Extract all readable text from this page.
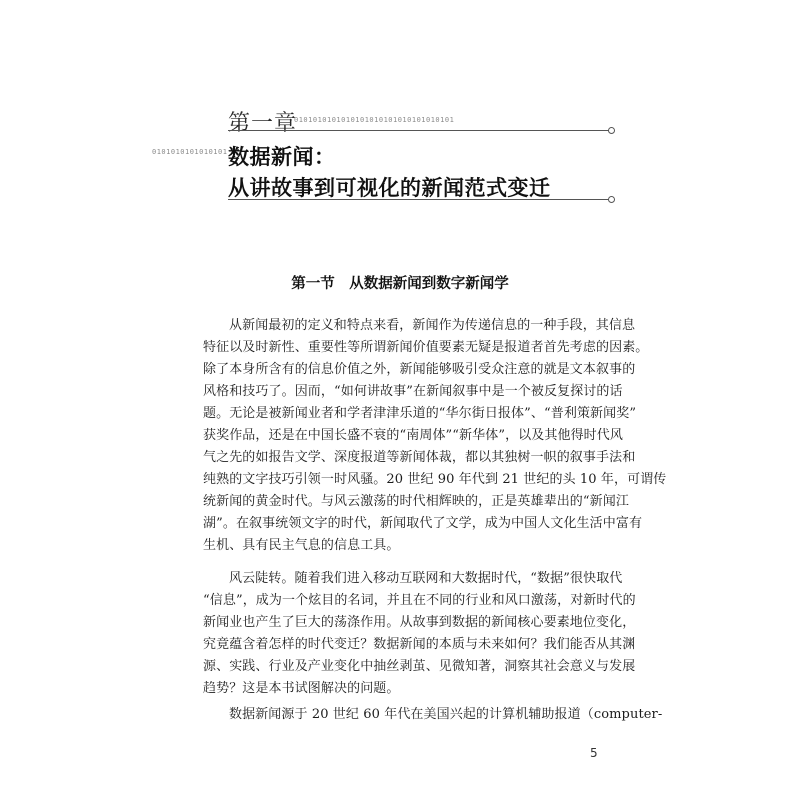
第一章
0101010101010101010101010101010101
0101010101010101 数据新闻：
从讲故事到可视化的新闻范式变迁
第一节　从数据新闻到数字新闻学
从新闻最初的定义和特点来看，新闻作为传递信息的一种手段，其信息
特征以及时新性、重要性等所谓新闻价值要素无疑是报道者首先考虑的因素。
除了本身所含有的信息价值之外，新闻能够吸引受众注意的就是文本叙事的
风格和技巧了。因而，“如何讲故事”在新闻叙事中是一个被反复探讨的话
题。无论是被新闻业者和学者津津乐道的“华尔街日报体”、“普利策新闻奖”
获奖作品，还是在中国长盛不衰的“南周体”“新华体”，以及其他得时代风
气之先的如报告文学、深度报道等新闻体裁，都以其独树一帜的叙事手法和
纯熟的文字技巧引领一时风骚。20 世纪 90 年代到 21 世纪的头 10 年，可谓传
统新闻的黄金时代。与风云激荡的时代相辉映的，正是英雄辈出的“新闻江
湖”。在叙事统领文字的时代，新闻取代了文学，成为中国人文化生活中富有
生机、具有民主气息的信息工具。
风云陡转。随着我们进入移动互联网和大数据时代，“数据”很快取代
“信息”，成为一个炫目的名词，并且在不同的行业和风口激荡，对新时代的
新闻业也产生了巨大的荡涤作用。从故事到数据的新闻核心要素地位变化，
究竟蕴含着怎样的时代变迁？数据新闻的本质与未来如何？我们能否从其渊
源、实践、行业及产业变化中抽丝剥茧、见微知著，洞察其社会意义与发展
趋势？这是本书试图解决的问题。
数据新闻源于 20 世纪 60 年代在美国兴起的计算机辅助报道（computer-
5
